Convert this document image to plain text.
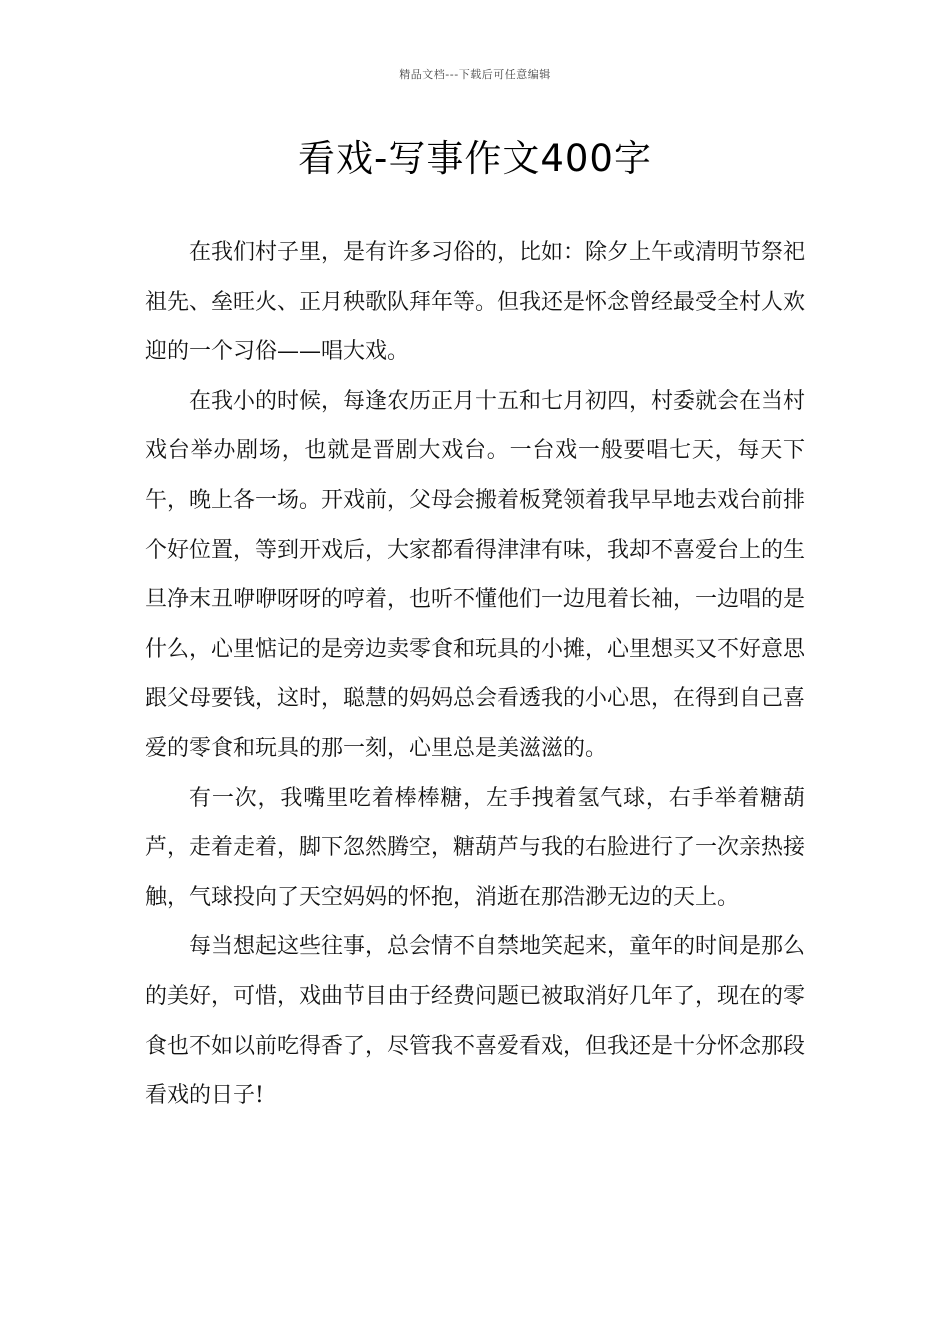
精品文档---下载后可任意编辑
看戏-写事作文400字

在我们村子里，是有许多习俗的，比如：除夕上午或清明节祭祀祖先、垒旺火、正月秧歌队拜年等。但我还是怀念曾经最受全村人欢迎的一个习俗——唱大戏。

在我小的时候，每逢农历正月十五和七月初四，村委就会在当村戏台举办剧场，也就是晋剧大戏台。一台戏一般要唱七天，每天下午，晚上各一场。开戏前，父母会搬着板凳领着我早早地去戏台前排个好位置，等到开戏后，大家都看得津津有味，我却不喜爱台上的生旦净末丑咿咿呀呀的哼着，也听不懂他们一边甩着长袖，一边唱的是什么，心里惦记的是旁边卖零食和玩具的小摊，心里想买又不好意思跟父母要钱，这时，聪慧的妈妈总会看透我的小心思，在得到自己喜爱的零食和玩具的那一刻，心里总是美滋滋的。

有一次，我嘴里吃着棒棒糖，左手拽着氢气球，右手举着糖葫芦，走着走着，脚下忽然腾空，糖葫芦与我的右脸进行了一次亲热接触，气球投向了天空妈妈的怀抱，消逝在那浩渺无边的天上。

每当想起这些往事，总会情不自禁地笑起来，童年的时间是那么的美好，可惜，戏曲节目由于经费问题已被取消好几年了，现在的零食也不如以前吃得香了，尽管我不喜爱看戏，但我还是十分怀念那段看戏的日子!
